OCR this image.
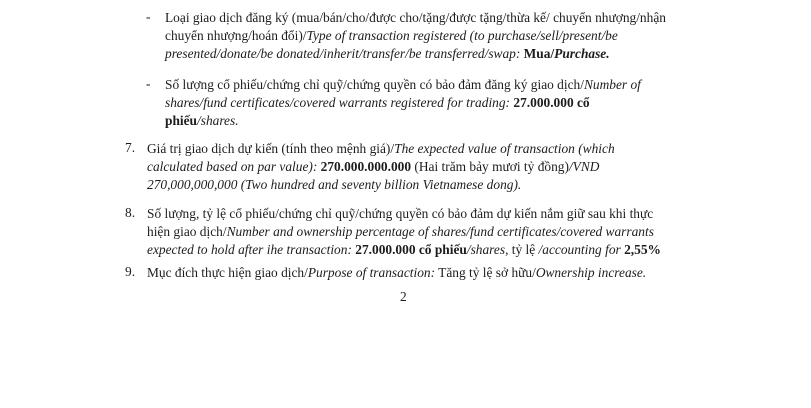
- Loại giao dịch đăng ký (mua/bán/cho/được cho/tặng/được tặng/thừa kế/ chuyển nhượng/nhận
chuyển nhượng/hoán đổi)/Type of transaction registered (to purchase/sell/present/be
presented/donate/be donated/inherit/transfer/be transferred/swap: Mua/Purchase.
- Số lượng cổ phiếu/chứng chỉ quỹ/chứng quyền có bảo đảm đăng ký giao dịch/Number of
shares/fund certificates/covered warrants registered for trading: 27.000.000 cổ
phiếu/shares.
7. Giá trị giao dịch dự kiến (tính theo mệnh giá)/The expected value of transaction (which
calculated based on par value): 270.000.000.000 (Hai trăm bảy mươi tỷ đồng)/VND
270,000,000,000 (Two hundred and seventy billion Vietnamese dong).
8. Số lượng, tỷ lệ cổ phiếu/chứng chỉ quỹ/chứng quyền có bảo đảm dự kiến nắm giữ sau khi thực
hiện giao dịch/Number and ownership percentage of shares/fund certificates/covered warrants
expected to hold after ihe transaction: 27.000.000 cổ phiếu/shares, tỷ lệ /accounting for 2,55%
9. Mục đích thực hiện giao dịch/Purpose of transaction: Tăng tỷ lệ sở hữu/Ownership increase.
2
